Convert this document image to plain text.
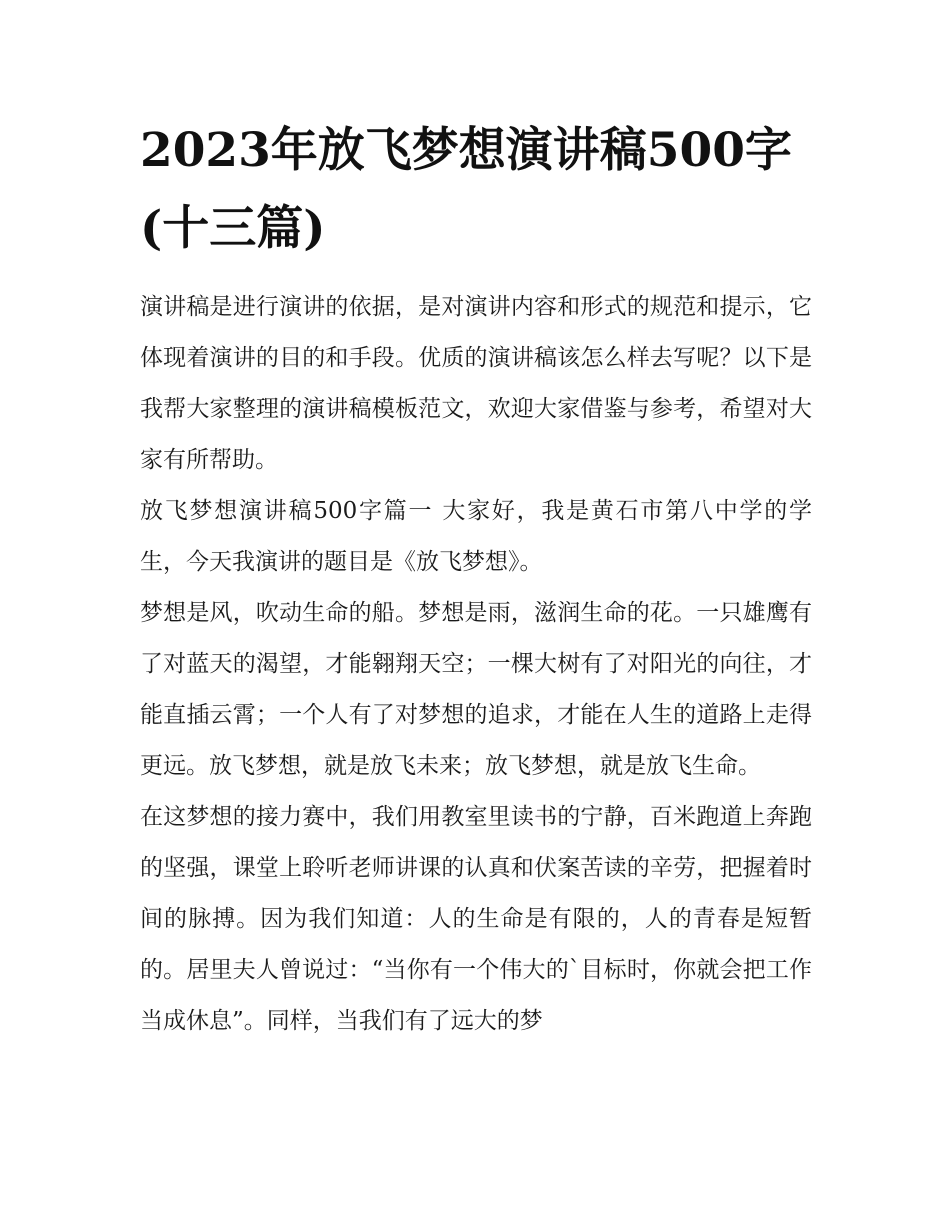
2023年放飞梦想演讲稿500字(十三篇)
演讲稿是进行演讲的依据，是对演讲内容和形式的规范和提示，它体现着演讲的目的和手段。优质的演讲稿该怎么样去写呢？以下是我帮大家整理的演讲稿模板范文，欢迎大家借鉴与参考，希望对大家有所帮助。
放飞梦想演讲稿500字篇一 大家好，我是黄石市第八中学的学生，今天我演讲的题目是《放飞梦想》。
梦想是风，吹动生命的船。梦想是雨，滋润生命的花。一只雄鹰有了对蓝天的渴望，才能翱翔天空；一棵大树有了对阳光的向往，才能直插云霄；一个人有了对梦想的追求，才能在人生的道路上走得更远。放飞梦想，就是放飞未来；放飞梦想，就是放飞生命。
在这梦想的接力赛中，我们用教室里读书的宁静，百米跑道上奔跑的坚强，课堂上聆听老师讲课的认真和伏案苦读的辛劳，把握着时间的脉搏。因为我们知道：人的生命是有限的，人的青春是短暂的。居里夫人曾说过：“当你有一个伟大的`目标时，你就会把工作当成休息”。同样，当我们有了远大的梦
